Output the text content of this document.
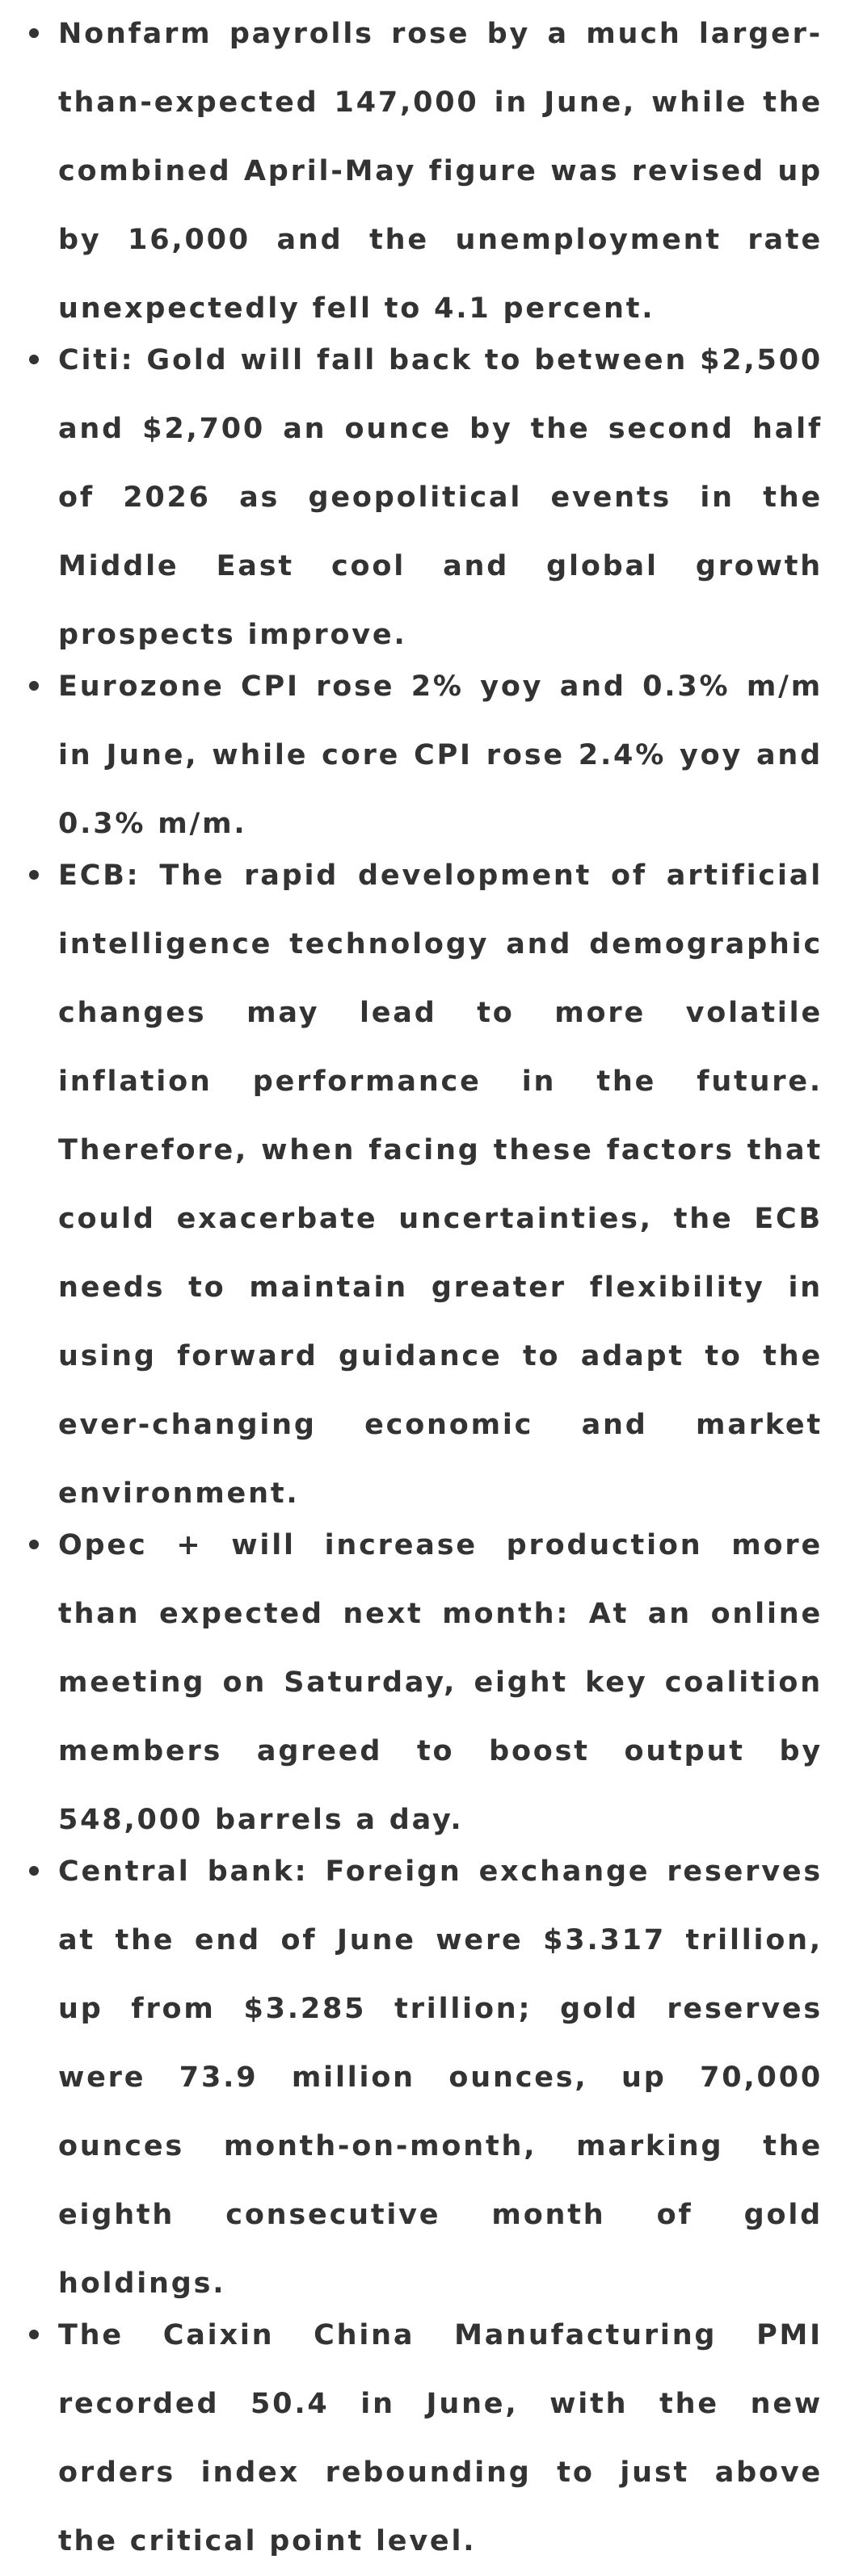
Nonfarm payrolls rose by a much larger-than-expected 147,000 in June, while the combined April-May figure was revised up by 16,000 and the unemployment rate unexpectedly fell to 4.1 percent.
Citi: Gold will fall back to between $2,500 and $2,700 an ounce by the second half of 2026 as geopolitical events in the Middle East cool and global growth prospects improve.
Eurozone CPI rose 2% yoy and 0.3% m/m in June, while core CPI rose 2.4% yoy and 0.3% m/m.
ECB: The rapid development of artificial intelligence technology and demographic changes may lead to more volatile inflation performance in the future. Therefore, when facing these factors that could exacerbate uncertainties, the ECB needs to maintain greater flexibility in using forward guidance to adapt to the ever-changing economic and market environment.
Opec + will increase production more than expected next month: At an online meeting on Saturday, eight key coalition members agreed to boost output by 548,000 barrels a day.
Central bank: Foreign exchange reserves at the end of June were $3.317 trillion, up from $3.285 trillion; gold reserves were 73.9 million ounces, up 70,000 ounces month-on-month, marking the eighth consecutive month of gold holdings.
The Caixin China Manufacturing PMI recorded 50.4 in June, with the new orders index rebounding to just above the critical point level.
